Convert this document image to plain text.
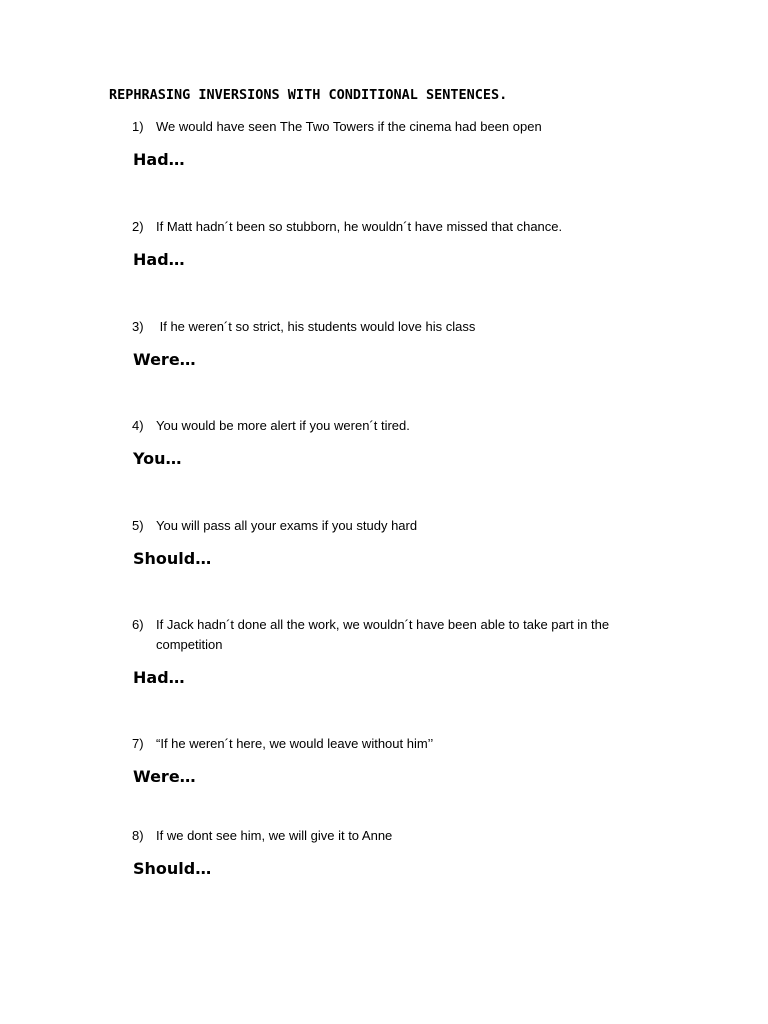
REPHRASING INVERSIONS WITH CONDITIONAL SENTENCES.
1) We would have seen The Two Towers if the cinema had been open
Had…
2) If Matt hadn´t been so stubborn, he wouldn´t have missed that chance.
Had…
3) If he weren´t so strict, his students would love his class
Were…
4) You would be more alert if you weren´t tired.
You…
5) You will pass all your exams if you study hard
Should…
6) If Jack hadn´t done all the work, we wouldn´t have been able to take part in the competition
Had…
7) “If he weren´t here, we would leave without him’’
Were…
8) If we dont see him, we will give it to Anne
Should…
